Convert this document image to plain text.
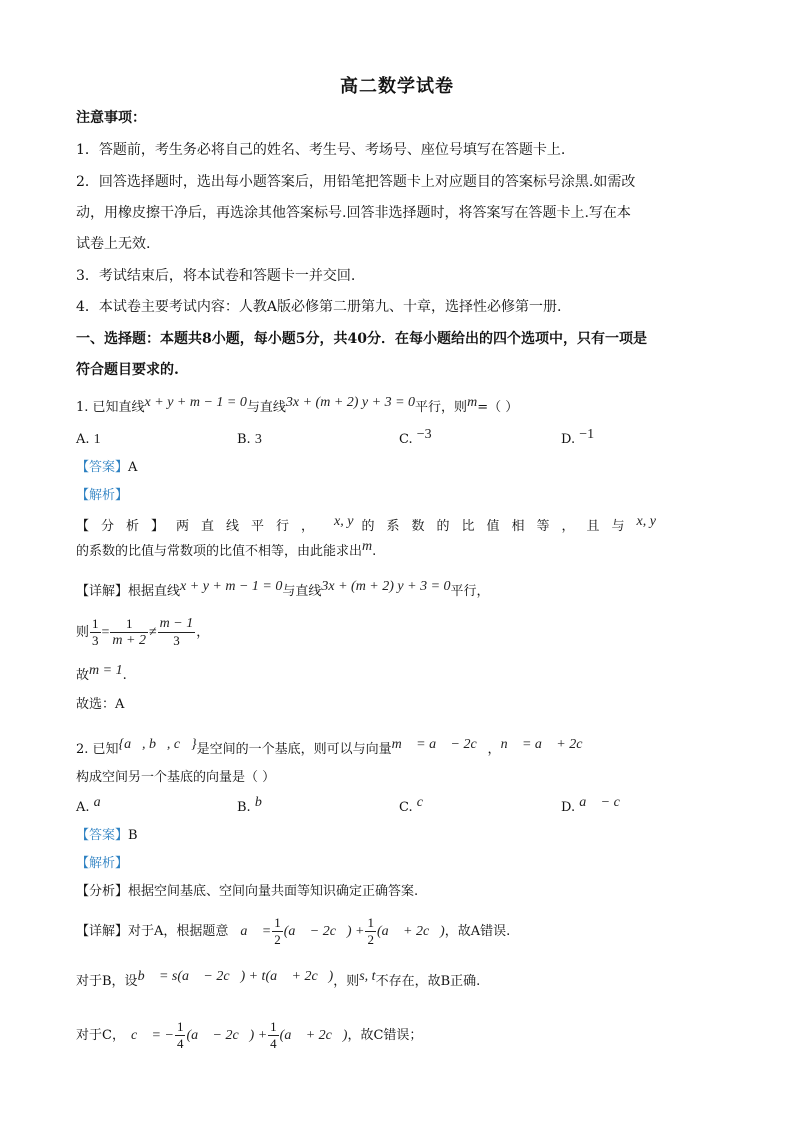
高二数学试卷
注意事项：
1．答题前，考生务必将自己的姓名、考生号、考场号、座位号填写在答题卡上.
2．回答选择题时，选出每小题答案后，用铅笔把答题卡上对应题目的答案标号涂黑.如需改
动，用橡皮擦干净后，再选涂其他答案标号.回答非选择题时，将答案写在答题卡上.写在本
试卷上无效.
3．考试结束后，将本试卷和答题卡一并交回.
4．本试卷主要考试内容：人教A版必修第二册第九、十章，选择性必修第一册.
一、选择题：本题共8小题，每小题5分，共40分．在每小题给出的四个选项中，只有一项是
符合题目要求的.
1. 已知直线x + y + m − 1 = 0与直线3x + (m + 2) y + 3 = 0平行，则m=（ ）
A. 1	B. 3	C. −3	D. −1
【答案】A
【解析】
【分析】两直线平行， x, y 的系数的比值相等，且与x, y
的系数的比值与常数项的比值不相等，由此能求出m.
【详解】根据直线x + y + m − 1 = 0与直线3x + (m + 2) y + 3 = 0平行，
则 $\frac{1}{3} = \frac{1}{m + 2} \ne \frac{m - 1}{3}$ ，
故m = 1.
故选：A
2. 已知{a⃗, b⃗, c⃗}是空间的一个基底，则可以与向量m⃗ = a⃗ − 2c⃗，n⃗ = a⃗ + 2c⃗
构成空间另一个基底的向量是（ ）
A. a⃗	B. b⃗	C. c⃗	D. a⃗ − c⃗
【答案】B
【解析】
【分析】根据空间基底、空间向量共面等知识确定正确答案.
【详解】对于A，根据题意 a⃗ = $\frac{1}{2}$ (a⃗ − 2c⃗) + $\frac{1}{2}$ (a⃗ + 2c⃗)，故A错误.
对于B，设b⃗ = s(a⃗ − 2c⃗) + t(a⃗ + 2c⃗)，则s, t不存在，故B正确.
对于C， c⃗ = − $\frac{1}{4}$ (a⃗ − 2c⃗) + $\frac{1}{4}$ (a⃗ + 2c⃗)，故C错误；
